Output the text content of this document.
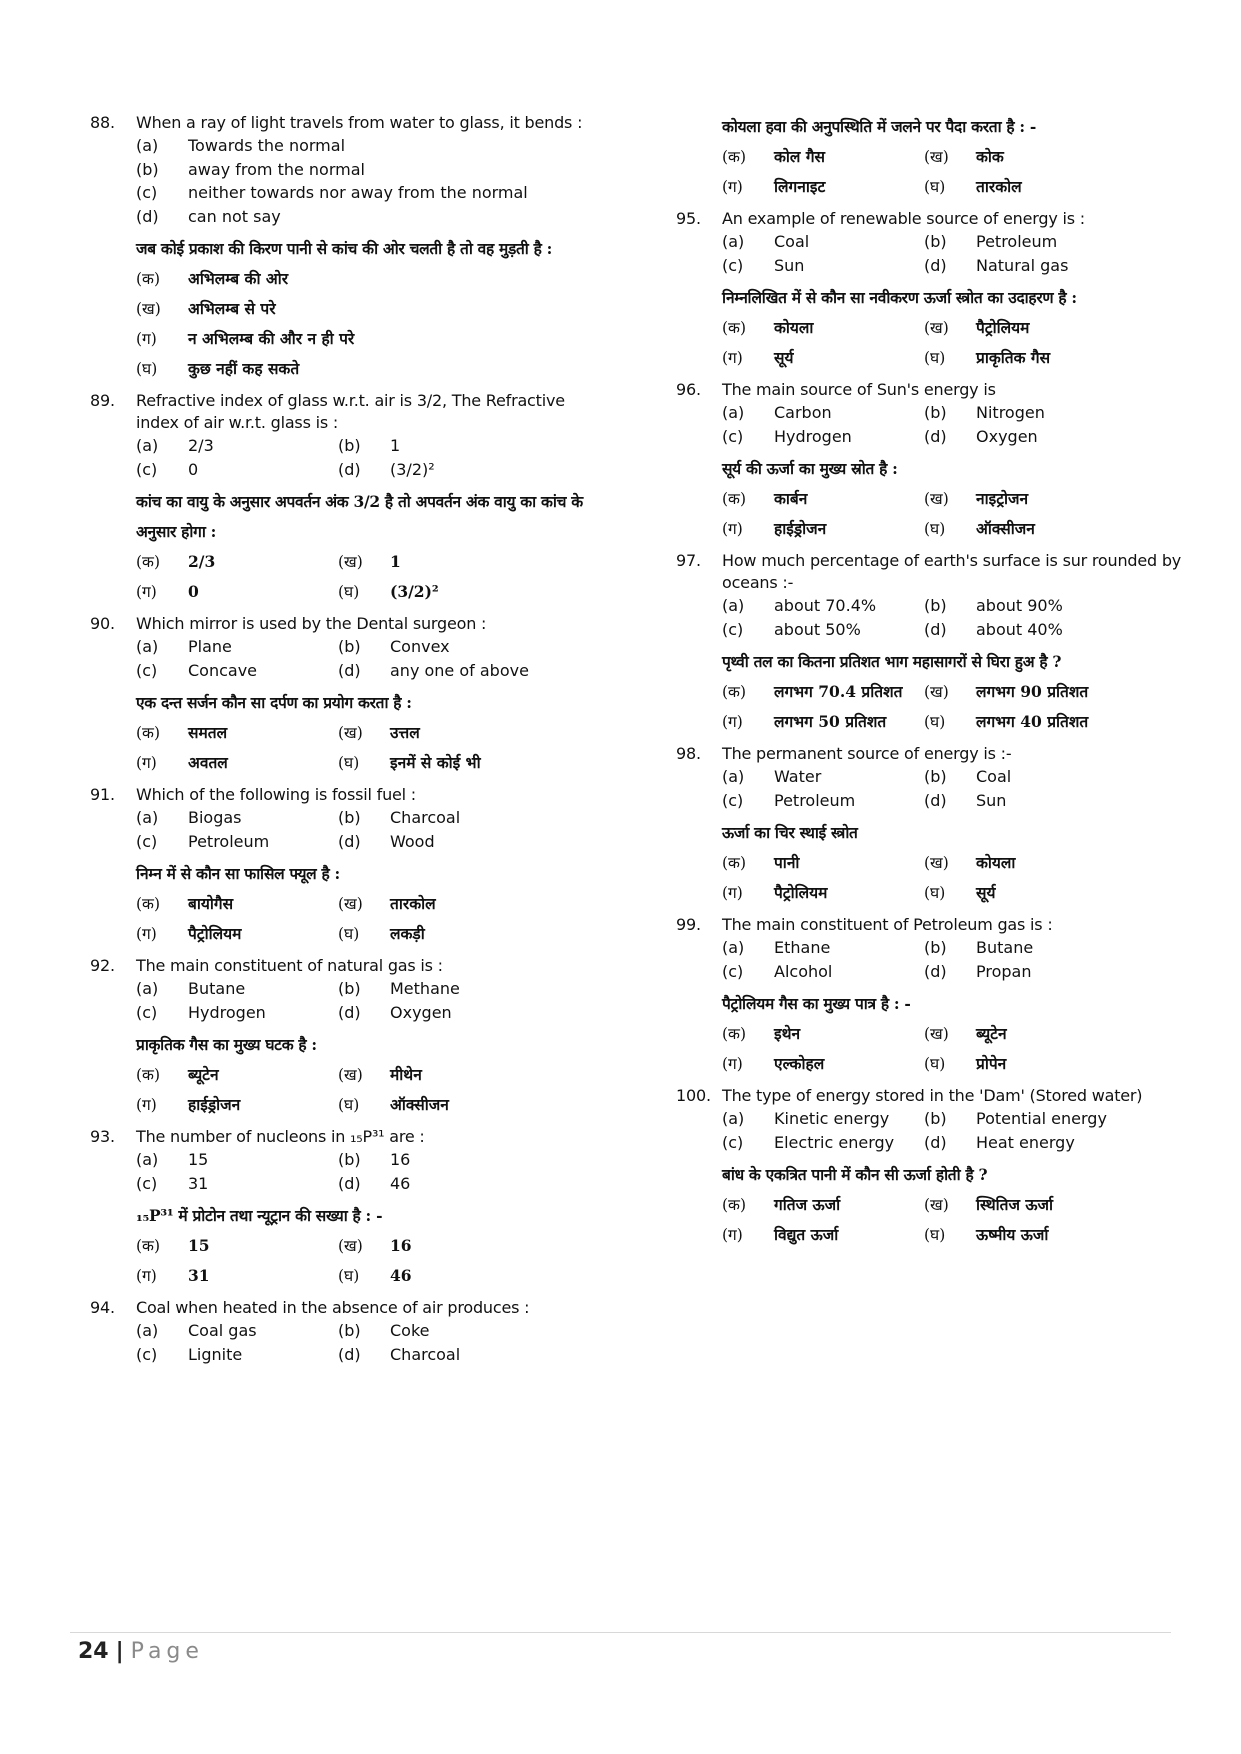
88.	When a ray of light travels from water to glass, it bends :
(a)	Towards the normal
(b)	away from the normal
(c)	neither towards nor away from the normal
(d)	can not say
जब कोई प्रकाश की किरण पानी से कांच की ओर चलती है तो वह मुड़ती है :
(क)	अभिलम्ब की ओर
(ख)	अभिलम्ब से परे
(ग)	न अभिलम्ब की और न ही परे
(घ)	कुछ नहीं कह सकते
89.	Refractive index of glass w.r.t. air is 3/2, The Refractive index of air w.r.t. glass is :
(a)	2/3	(b)	1
(c)	0	(d)	(3/2)²
कांच का वायु के अनुसार अपवर्तन अंक 3/2 है तो अपवर्तन अंक वायु का कांच के अनुसार होगा :
(क)	2/3	(ख)	1
(ग)	0	(घ)	(3/2)²
90.	Which mirror is used by the Dental surgeon :
(a)	Plane	(b)	Convex
(c)	Concave	(d)	any one of above
एक दन्त सर्जन कौन सा दर्पण का प्रयोग करता है :
(क)	समतल	(ख)	उत्तल
(ग)	अवतल	(घ)	इनमें से कोई भी
91.	Which of the following is fossil fuel :
(a)	Biogas	(b)	Charcoal
(c)	Petroleum	(d)	Wood
निम्न में से कौन सा फासिल फ्यूल है :
(क)	बायोगैस	(ख)	तारकोल
(ग)	पैट्रोलियम	(घ)	लकड़ी
92.	The main constituent of natural gas is :
(a)	Butane	(b)	Methane
(c)	Hydrogen	(d)	Oxygen
प्राकृतिक गैस का मुख्य घटक है :
(क)	ब्यूटेन	(ख)	मीथेन
(ग)	हाईड्रोजन	(घ)	ऑक्सीजन
93.	The number of nucleons in ₁₅P³¹ are :
(a)	15	(b)	16
(c)	31	(d)	46
₁₅P³¹ में प्रोटोन तथा न्यूट्रान की सख्या है : -
(क)	15	(ख)	16
(ग)	31	(घ)	46
94.	Coal when heated in the absence of air produces :
(a)	Coal gas	(b)	Coke
(c)	Lignite	(d)	Charcoal
कोयला हवा की अनुपस्थिति में जलने पर पैदा करता है : -
(क)	कोल गैस	(ख)	कोक
(ग)	लिगनाइट	(घ)	तारकोल
95.	An example of renewable source of energy is :
(a)	Coal	(b)	Petroleum
(c)	Sun	(d)	Natural gas
निम्नलिखित में से कौन सा नवीकरण ऊर्जा स्त्रोत का उदाहरण है :
(क)	कोयला	(ख)	पैट्रोलियम
(ग)	सूर्य	(घ)	प्राकृतिक गैस
96.	The main source of Sun's energy is
(a)	Carbon	(b)	Nitrogen
(c)	Hydrogen	(d)	Oxygen
सूर्य की ऊर्जा का मुख्य स्रोत है :
(क)	कार्बन	(ख)	नाइट्रोजन
(ग)	हाईड्रोजन	(घ)	ऑक्सीजन
97.	How much percentage of earth's surface is sur rounded by oceans :-
(a)	about 70.4%	(b)	about 90%
(c)	about 50%	(d)	about 40%
पृथ्वी तल का कितना प्रतिशत भाग महासागरों से घिरा हुअ है ?
(क)	लगभग 70.4 प्रतिशत	(ख)	लगभग 90 प्रतिशत
(ग)	लगभग 50 प्रतिशत	(घ)	लगभग 40 प्रतिशत
98.	The permanent source of energy is :-
(a)	Water	(b)	Coal
(c)	Petroleum	(d)	Sun
ऊर्जा का चिर स्थाई स्त्रोत
(क)	पानी	(ख)	कोयला
(ग)	पैट्रोलियम	(घ)	सूर्य
99.	The main constituent of Petroleum gas is :
(a)	Ethane	(b)	Butane
(c)	Alcohol	(d)	Propan
पैट्रोलियम गैस का मुख्य पात्र है : -
(क)	इथेन	(ख)	ब्यूटेन
(ग)	एल्कोहल	(घ)	प्रोपेन
100. The type of energy stored in the 'Dam' (Stored water)
(a)	Kinetic energy	(b)	Potential energy
(c)	Electric energy	(d)	Heat energy
बांध के एकत्रित पानी में कौन सी ऊर्जा होती है ?
(क)	गतिज ऊर्जा	(ख)	स्थितिज ऊर्जा
(ग)	विद्युत ऊर्जा	(घ)	ऊष्मीय ऊर्जा
24 | Page
